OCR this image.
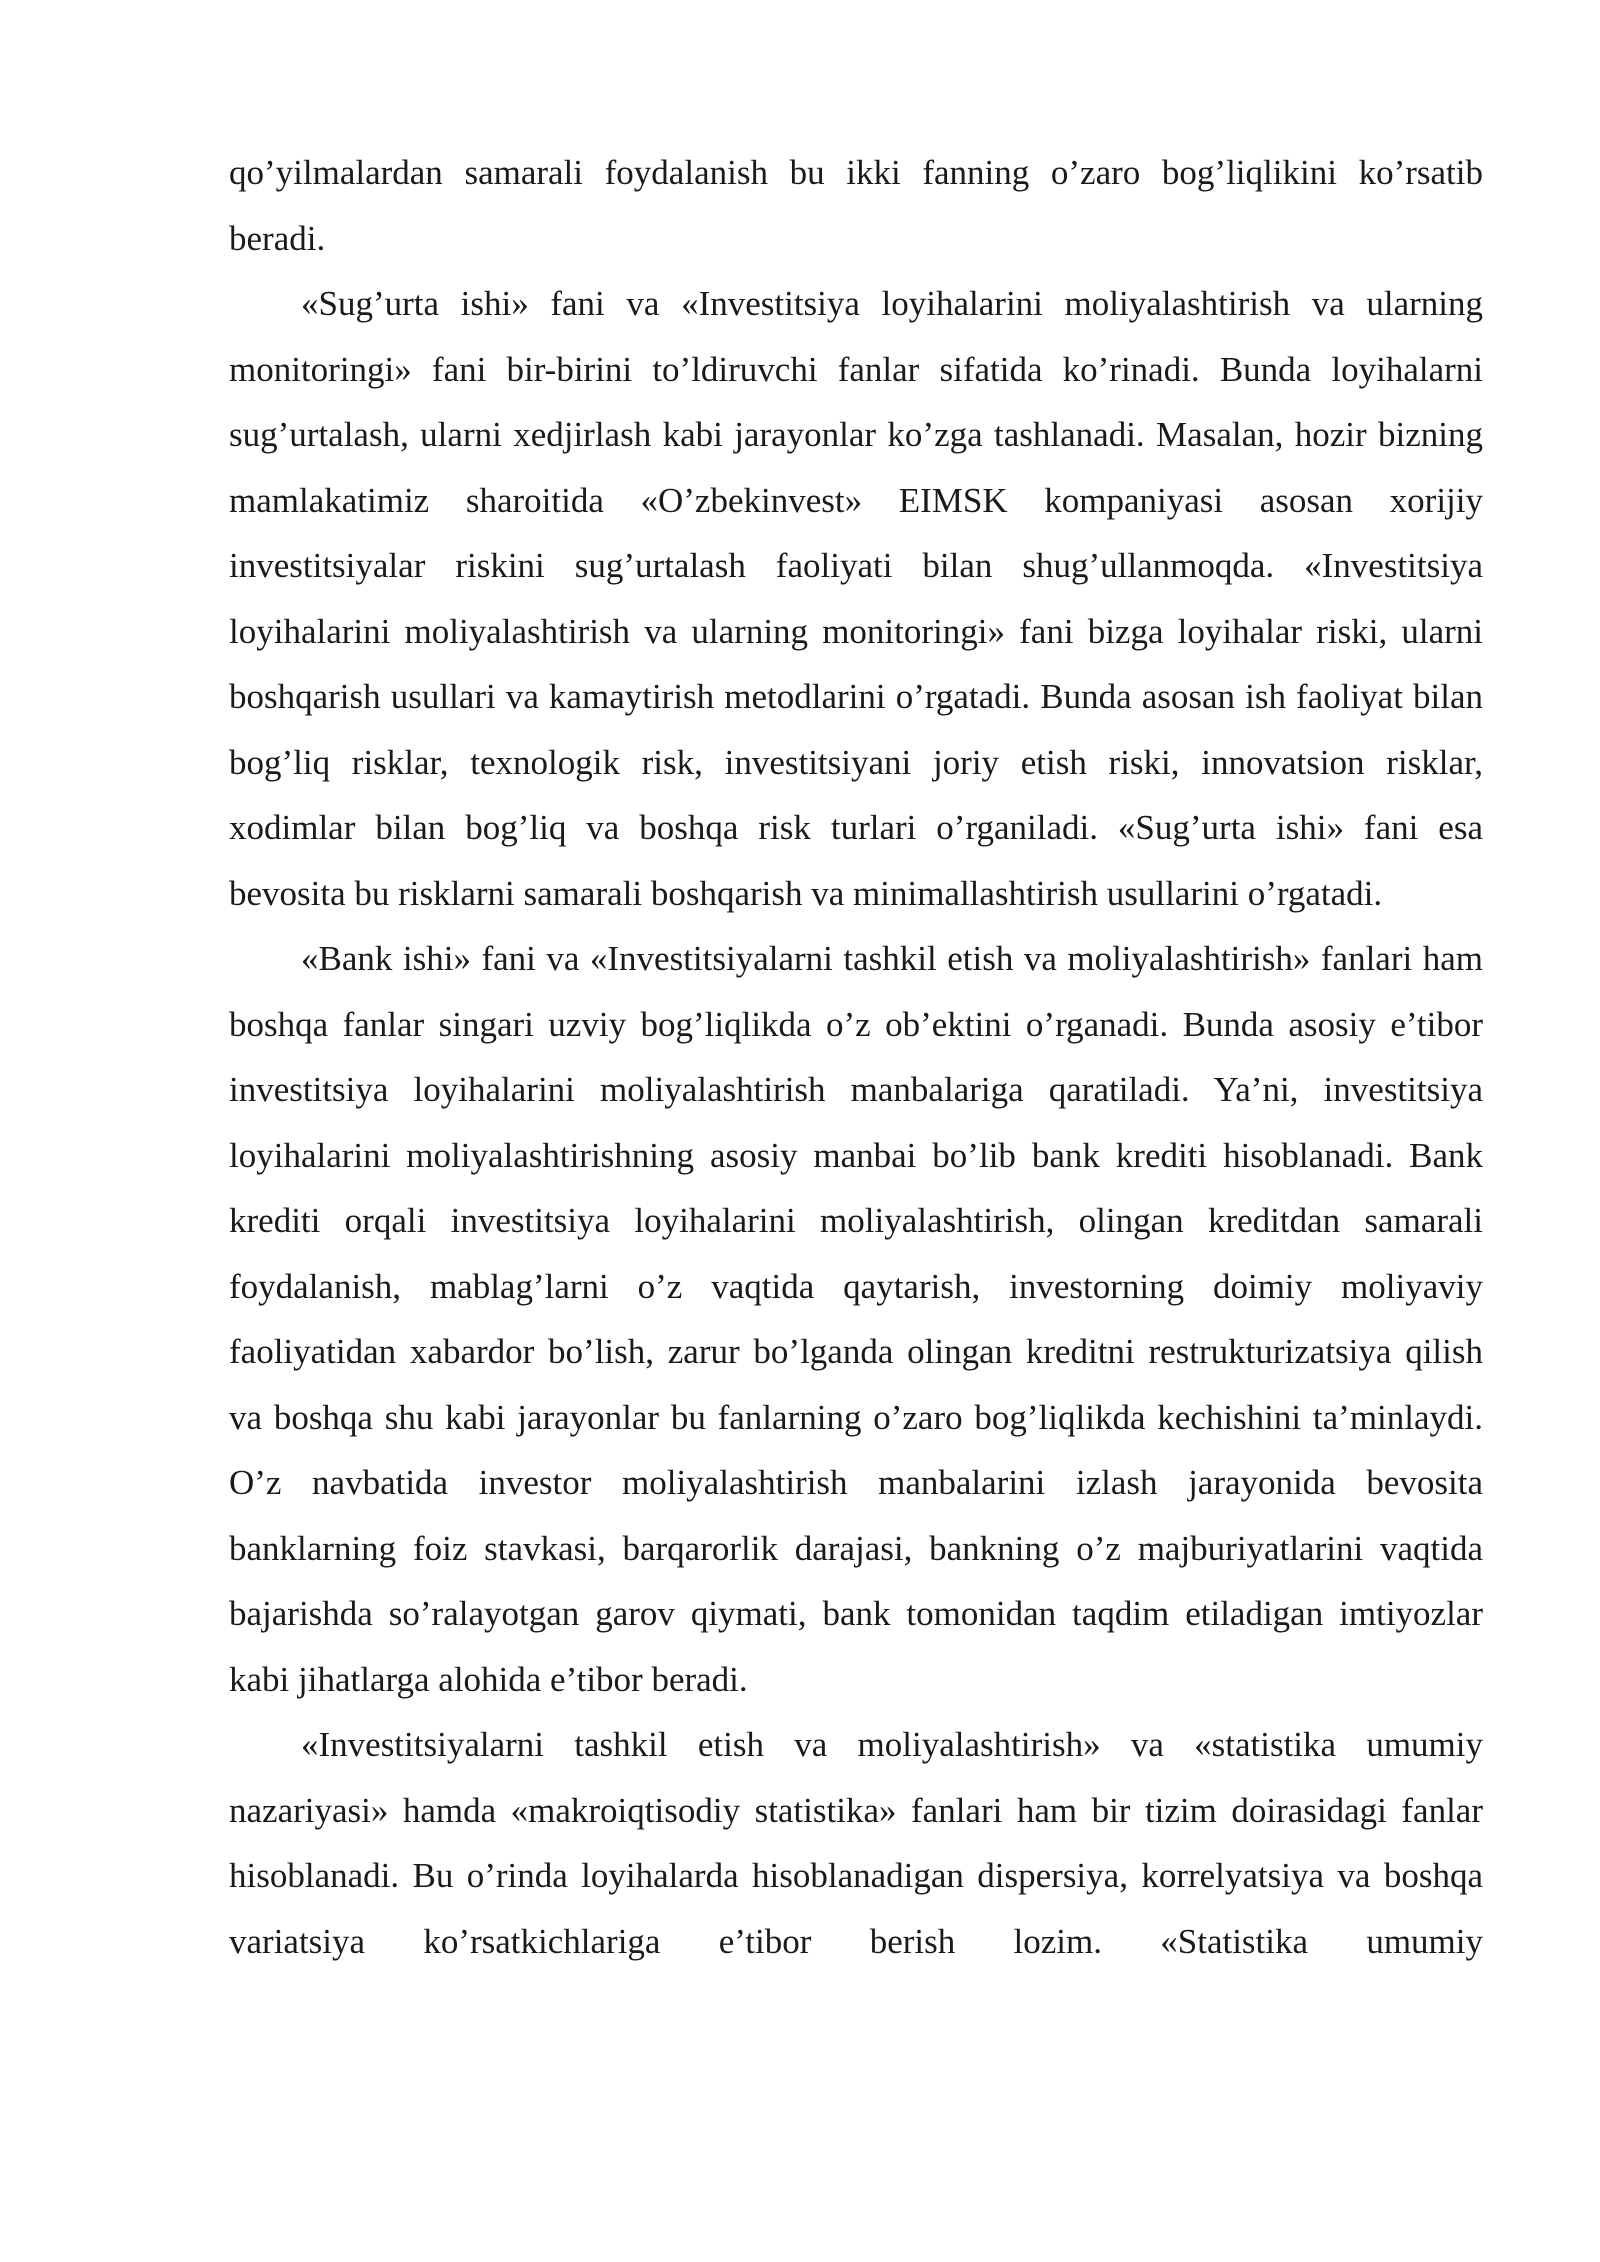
qo’yilmalardan samarali foydalanish bu ikki fanning o’zaro bog’liqlikini ko’rsatib beradi.

«Sug’urta ishi» fani va «Investitsiya loyihalarini moliyalashtirish va ularning monitoringi» fani bir-birini to’ldiruvchi fanlar sifatida ko’rinadi. Bunda loyihalarni sug’urtalash, ularni xedjirlash kabi jarayonlar ko’zga tashlanadi. Masalan, hozir bizning mamlakatimiz sharoitida «O’zbekinvest» EIMSK kompaniyasi asosan xorijiy investitsiyalar riskini sug’urtalash faoliyati bilan shug’ullanmoqda. «Investitsiya loyihalarini moliyalashtirish va ularning monitoringi» fani bizga loyihalar riski, ularni boshqarish usullari va kamaytirish metodlarini o’rgatadi. Bunda asosan ish faoliyat bilan bog’liq risklar, texnologik risk, investitsiyani joriy etish riski, innovatsion risklar, xodimlar bilan bog’liq va boshqa risk turlari o’rganiladi. «Sug’urta ishi» fani esa bevosita bu risklarni samarali boshqarish va minimallashtirish usullarini o’rgatadi.

«Bank ishi» fani va «Investitsiyalarni tashkil etish va moliyalashtirish» fanlari ham boshqa fanlar singari uzviy bog’liqlikda o’z ob’ektini o’rganadi. Bunda asosiy e’tibor investitsiya loyihalarini moliyalashtirish manbalariga qaratiladi. Ya’ni, investitsiya loyihalarini moliyalashtirishning asosiy manbai bo’lib bank krediti hisoblanadi. Bank krediti orqali investitsiya loyihalarini moliyalashtirish, olingan kreditdan samarali foydalanish, mablag’larni o’z vaqtida qaytarish, investorning doimiy moliyaviy faoliyatidan xabardor bo’lish, zarur bo’lganda olingan kreditni restrukturizatsiya qilish va boshqa shu kabi jarayonlar bu fanlarning o’zaro bog’liqlikda kechishini ta’minlaydi. O’z navbatida investor moliyalashtirish manbalarini izlash jarayonida bevosita banklarning foiz stavkasi, barqarorlik darajasi, bankning o’z majburiyatlarini vaqtida bajarishda so’ralayotgan garov qiymati, bank tomonidan taqdim etiladigan imtiyozlar kabi jihatlarga alohida e’tibor beradi.

«Investitsiyalarni tashkil etish va moliyalashtirish» va «statistika umumiy nazariyasi» hamda «makroiqtisodiy statistika» fanlari ham bir tizim doirasidagi fanlar hisoblanadi. Bu o’rinda loyihalarda hisoblanadigan dispersiya, korrelyatsiya va boshqa variatsiya ko’rsatkichlariga e’tibor berish lozim. «Statistika umumiy
